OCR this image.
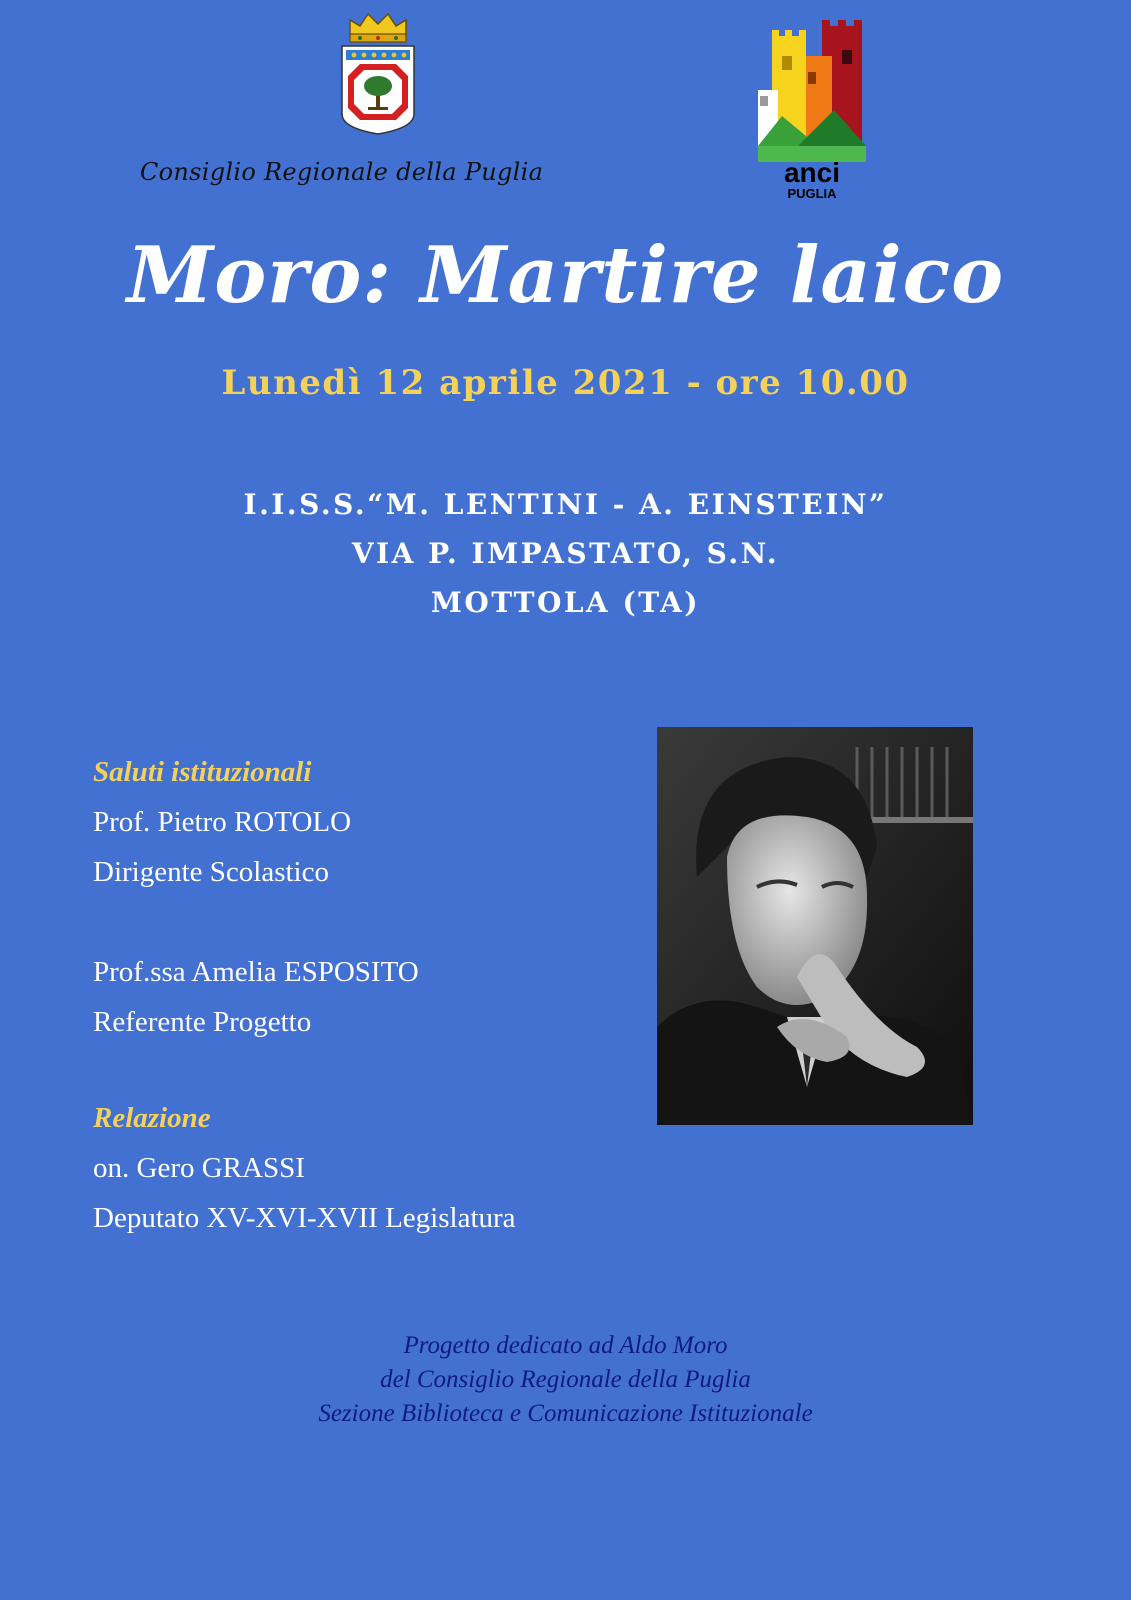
Consiglio Regionale della Puglia	anci
PUGLIA
Moro: Martire laico
Lunedì 12 aprile 2021 - ore 10.00
I.I.S.S.“M. LENTINI - A. EINSTEIN”
VIA P. IMPASTATO, S.N.
MOTTOLA (TA)
Saluti istituzionali
Prof. Pietro ROTOLO
Dirigente Scolastico
Prof.ssa Amelia ESPOSITO
Referente Progetto
Relazione
on. Gero GRASSI
Deputato XV-XVI-XVII Legislatura
Progetto dedicato ad Aldo Moro
del Consiglio Regionale della Puglia
Sezione Biblioteca e Comunicazione Istituzionale
